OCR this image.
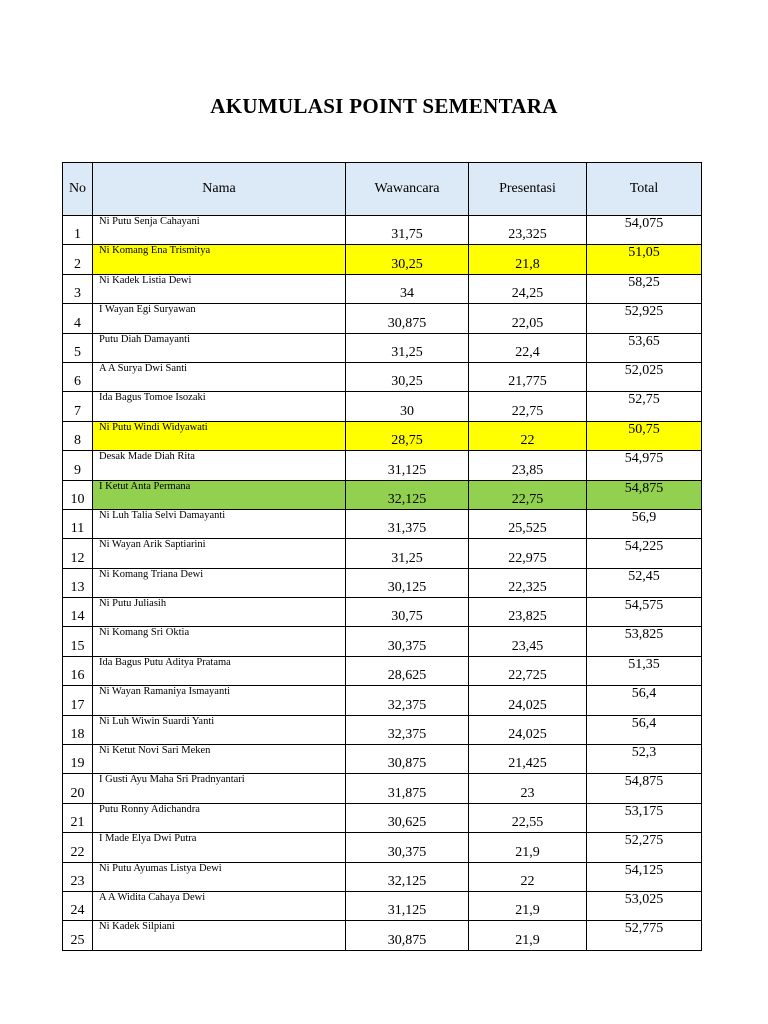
AKUMULASI POINT SEMENTARA
No	Nama	Wawancara	Presentasi	Total
1	Ni Putu Senja Cahayani	31,75	23,325	54,075
2	Ni Komang Ena Trismitya	30,25	21,8	51,05
3	Ni Kadek Listia Dewi	34	24,25	58,25
4	I Wayan Egi Suryawan	30,875	22,05	52,925
5	Putu Diah Damayanti	31,25	22,4	53,65
6	A A Surya Dwi Santi	30,25	21,775	52,025
7	Ida Bagus Tomoe Isozaki	30	22,75	52,75
8	Ni Putu Windi Widyawati	28,75	22	50,75
9	Desak Made Diah Rita	31,125	23,85	54,975
10	I Ketut Anta Permana	32,125	22,75	54,875
11	Ni Luh Talia Selvi Damayanti	31,375	25,525	56,9
12	Ni Wayan Arik Saptiarini	31,25	22,975	54,225
13	Ni Komang Triana Dewi	30,125	22,325	52,45
14	Ni Putu Juliasih	30,75	23,825	54,575
15	Ni Komang Sri Oktia	30,375	23,45	53,825
16	Ida Bagus Putu Aditya Pratama	28,625	22,725	51,35
17	Ni Wayan Ramaniya Ismayanti	32,375	24,025	56,4
18	Ni Luh Wiwin Suardi Yanti	32,375	24,025	56,4
19	Ni Ketut Novi Sari Meken	30,875	21,425	52,3
20	I Gusti Ayu Maha Sri Pradnyantari	31,875	23	54,875
21	Putu Ronny Adichandra	30,625	22,55	53,175
22	I Made Elya Dwi Putra	30,375	21,9	52,275
23	Ni Putu Ayumas Listya Dewi	32,125	22	54,125
24	A A Widita Cahaya Dewi	31,125	21,9	53,025
25	Ni Kadek Silpiani	30,875	21,9	52,775
